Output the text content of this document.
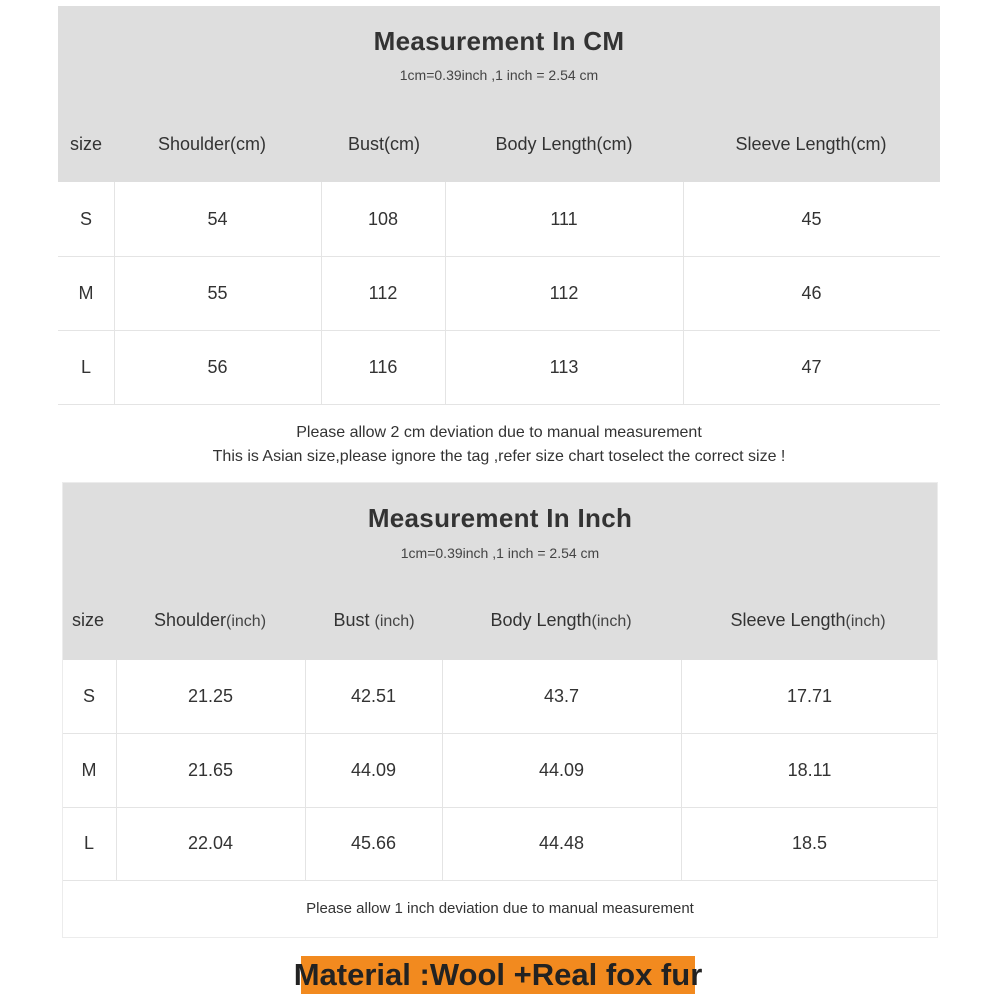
Measurement In CM
1cm=0.39inch ,1 inch = 2.54 cm
size	Shoulder(cm)	Bust(cm)	Body Length(cm)	Sleeve Length(cm)
S	54	108	111	45
M	55	112	112	46
L	56	116	113	47
Please allow 2 cm deviation due to manual measurement
This is Asian size,please ignore the tag ,refer size chart toselect the correct size !
Measurement In Inch
1cm=0.39inch ,1 inch = 2.54 cm
size	Shoulder(inch)	Bust (inch)	Body Length(inch)	Sleeve Length(inch)
S	21.25	42.51	43.7	17.71
M	21.65	44.09	44.09	18.11
L	22.04	45.66	44.48	18.5
Please allow 1 inch deviation due to manual measurement
Material :Wool +Real fox fur
